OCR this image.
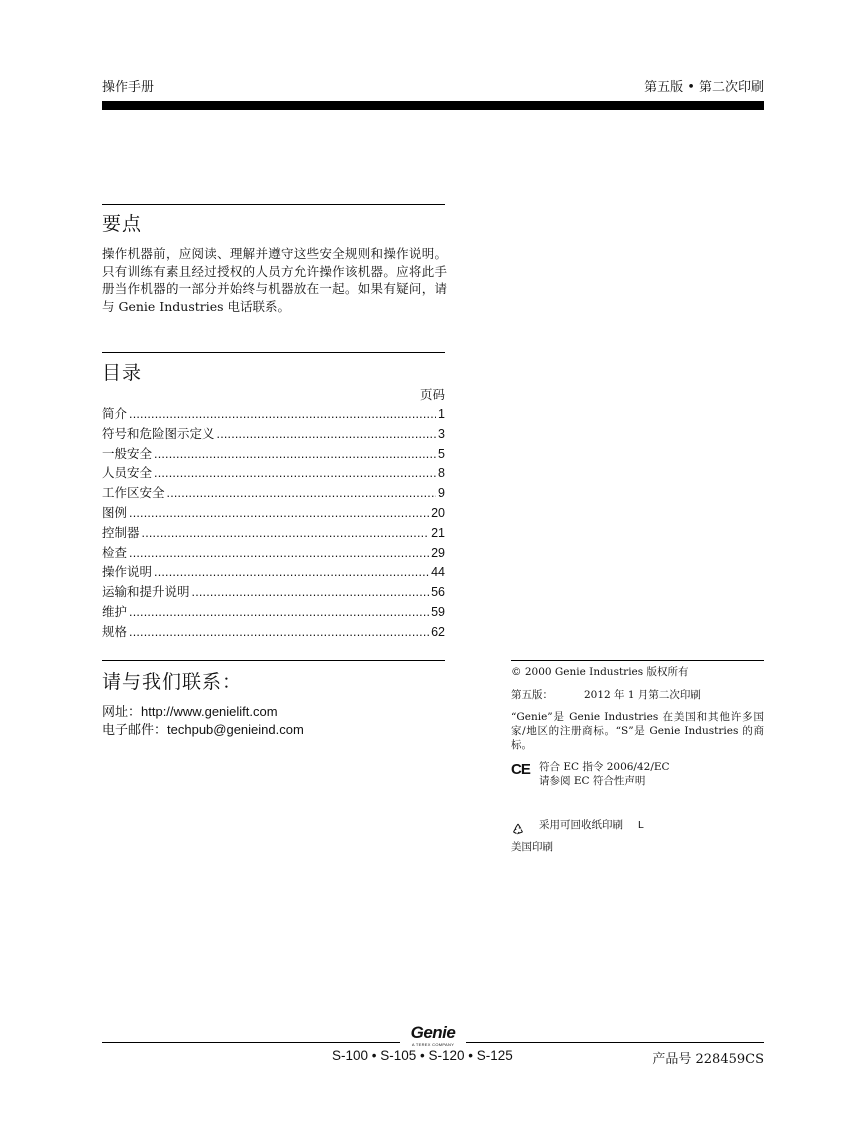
操作手册	第五版 • 第二次印刷
要点
操作机器前，应阅读、理解并遵守这些安全规则和操作说明。只有训练有素且经过授权的人员方允许操作该机器。应将此手册当作机器的一部分并始终与机器放在一起。如果有疑问，请与 Genie Industries 电话联系。
目录
页码
简介 .....	1
符号和危险图示定义 .....	3
一般安全 .....	5
人员安全 .....	8
工作区安全 .....	9
图例 .....	20
控制器 .....	21
检查 .....	29
操作说明 .....	44
运输和提升说明 .....	56
维护 .....	59
规格 .....	62
请与我们联系：
网址：http://www.genielift.com
电子邮件：techpub@genieind.com
© 2000 Genie Industries 版权所有
第五版：	2012 年 1 月第二次印刷
“Genie”是 Genie Industries 在美国和其他许多国家/地区的注册商标。“S”是 Genie Industries 的商标。
CE 符合 EC 指令 2006/42/EC
请参阅 EC 符合性声明
采用可回收纸印刷 L
美国印刷
Genie
A TEREX COMPANY
S-100 • S-105 • S-120 • S-125	产品号 228459CS
